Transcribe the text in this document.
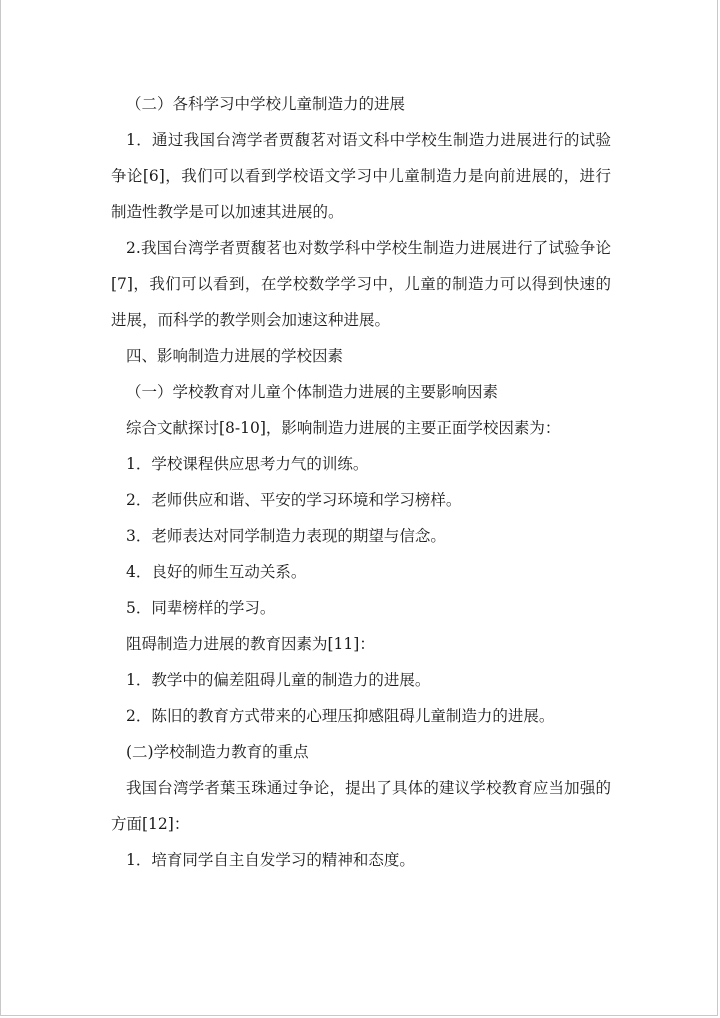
（二）各科学习中学校儿童制造力的进展

1．通过我国台湾学者贾馥茗对语文科中学校生制造力进展进行的试验争论[6]，我们可以看到学校语文学习中儿童制造力是向前进展的，进行制造性教学是可以加速其进展的。

2.我国台湾学者贾馥茗也对数学科中学校生制造力进展进行了试验争论[7]，我们可以看到，在学校数学学习中，儿童的制造力可以得到快速的进展，而科学的教学则会加速这种进展。

四、影响制造力进展的学校因素

（一）学校教育对儿童个体制造力进展的主要影响因素

综合文献探讨[8-10]，影响制造力进展的主要正面学校因素为：

1．学校课程供应思考力气的训练。

2．老师供应和谐、平安的学习环境和学习榜样。

3．老师表达对同学制造力表现的期望与信念。

4．良好的师生互动关系。

5．同辈榜样的学习。

阻碍制造力进展的教育因素为[11]：

1．教学中的偏差阻碍儿童的制造力的进展。

2．陈旧的教育方式带来的心理压抑感阻碍儿童制造力的进展。

(二)学校制造力教育的重点

我国台湾学者葉玉珠通过争论，提出了具体的建议学校教育应当加强的方面[12]：

1．培育同学自主自发学习的精神和态度。
